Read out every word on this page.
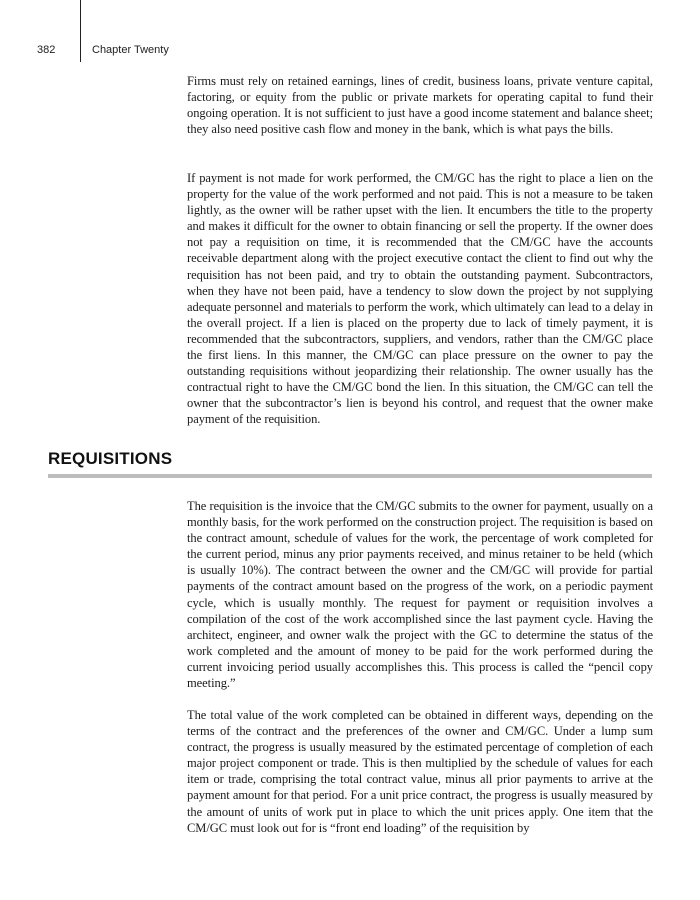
382	Chapter Twenty

Firms must rely on retained earnings, lines of credit, business loans, private venture capital, factoring, or equity from the public or private markets for operating capital to fund their ongoing operation. It is not sufficient to just have a good income statement and balance sheet; they also need positive cash flow and money in the bank, which is what pays the bills.

If payment is not made for work performed, the CM/GC has the right to place a lien on the property for the value of the work performed and not paid. This is not a measure to be taken lightly, as the owner will be rather upset with the lien. It encumbers the title to the property and makes it difficult for the owner to obtain financing or sell the property. If the owner does not pay a requisition on time, it is recommended that the CM/GC have the accounts receivable department along with the project executive contact the client to find out why the requisition has not been paid, and try to obtain the outstanding payment. Subcontractors, when they have not been paid, have a tendency to slow down the project by not supplying adequate personnel and materials to perform the work, which ultimately can lead to a delay in the overall project. If a lien is placed on the property due to lack of timely payment, it is recommended that the subcontractors, suppliers, and vendors, rather than the CM/GC place the first liens. In this manner, the CM/GC can place pressure on the owner to pay the outstanding requisitions without jeopardizing their relationship. The owner usually has the contractual right to have the CM/GC bond the lien. In this situation, the CM/GC can tell the owner that the subcontractor’s lien is beyond his control, and request that the owner make payment of the requisition.

REQUISITIONS

The requisition is the invoice that the CM/GC submits to the owner for payment, usually on a monthly basis, for the work performed on the construction project. The requisition is based on the contract amount, schedule of values for the work, the percentage of work completed for the current period, minus any prior payments received, and minus retainer to be held (which is usually 10%). The contract between the owner and the CM/GC will provide for partial payments of the contract amount based on the progress of the work, on a periodic payment cycle, which is usually monthly. The request for payment or requisition involves a compilation of the cost of the work accomplished since the last payment cycle. Having the architect, engineer, and owner walk the project with the GC to determine the status of the work completed and the amount of money to be paid for the work performed during the current invoicing period usually accomplishes this. This process is called the “pencil copy meeting.”

The total value of the work completed can be obtained in different ways, depending on the terms of the contract and the preferences of the owner and CM/GC. Under a lump sum contract, the progress is usually measured by the estimated percentage of completion of each major project component or trade. This is then multiplied by the schedule of values for each item or trade, comprising the total contract value, minus all prior payments to arrive at the payment amount for that period. For a unit price contract, the progress is usually measured by the amount of units of work put in place to which the unit prices apply. One item that the CM/GC must look out for is “front end loading” of the requisition by
